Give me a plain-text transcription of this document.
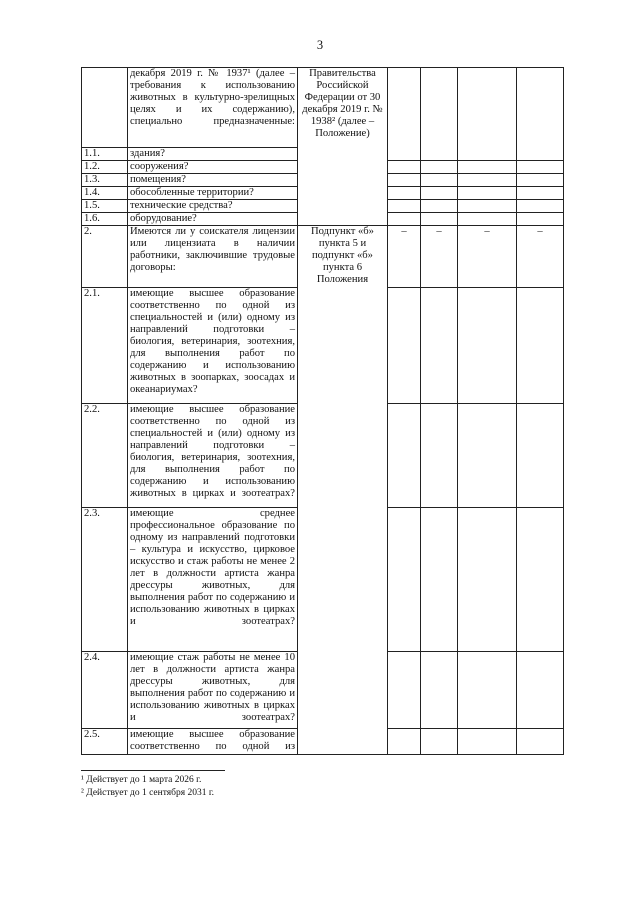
3
	декабря 2019 г. № 1937¹ (далее – требования к использованию животных в культурно-зрелищных целях и их содержанию), специально предназначенные:	Правительства Российской Федерации от 30 декабря 2019 г. № 1938² (далее – Положение)				
1.1.	здания?					
1.2.	сооружения?					
1.3.	помещения?					
1.4.	обособленные территории?					
1.5.	технические средства?					
1.6.	оборудование?					
2.	Имеются ли у соискателя лицензии или лицензиата в наличии работники, заключившие трудовые договоры:	Подпункт «б» пункта 5 и подпункт «б» пункта 6 Положения	–	–	–	–
2.1.	имеющие высшее образование соответственно по одной из специальностей и (или) одному из направлений подготовки – биология, ветеринария, зоотехния, для выполнения работ по содержанию и использованию животных в зоопарках, зоосадах и океанариумах?					
2.2.	имеющие высшее образование соответственно по одной из специальностей и (или) одному из направлений подготовки – биология, ветеринария, зоотехния, для выполнения работ по содержанию и использованию животных в цирках и зоотеатрах?					
2.3.	имеющие среднее профессиональное образование по одному из направлений подготовки – культура и искусство, цирковое искусство и стаж работы не менее 2 лет в должности артиста жанра дрессуры животных, для выполнения работ по содержанию и использованию животных в цирках и зоотеатрах?					
2.4.	имеющие стаж работы не менее 10 лет в должности артиста жанра дрессуры животных, для выполнения работ по содержанию и использованию животных в цирках и зоотеатрах?					
2.5.	имеющие высшее образование соответственно по одной из					
¹ Действует до 1 марта 2026 г.
² Действует до 1 сентября 2031 г.
